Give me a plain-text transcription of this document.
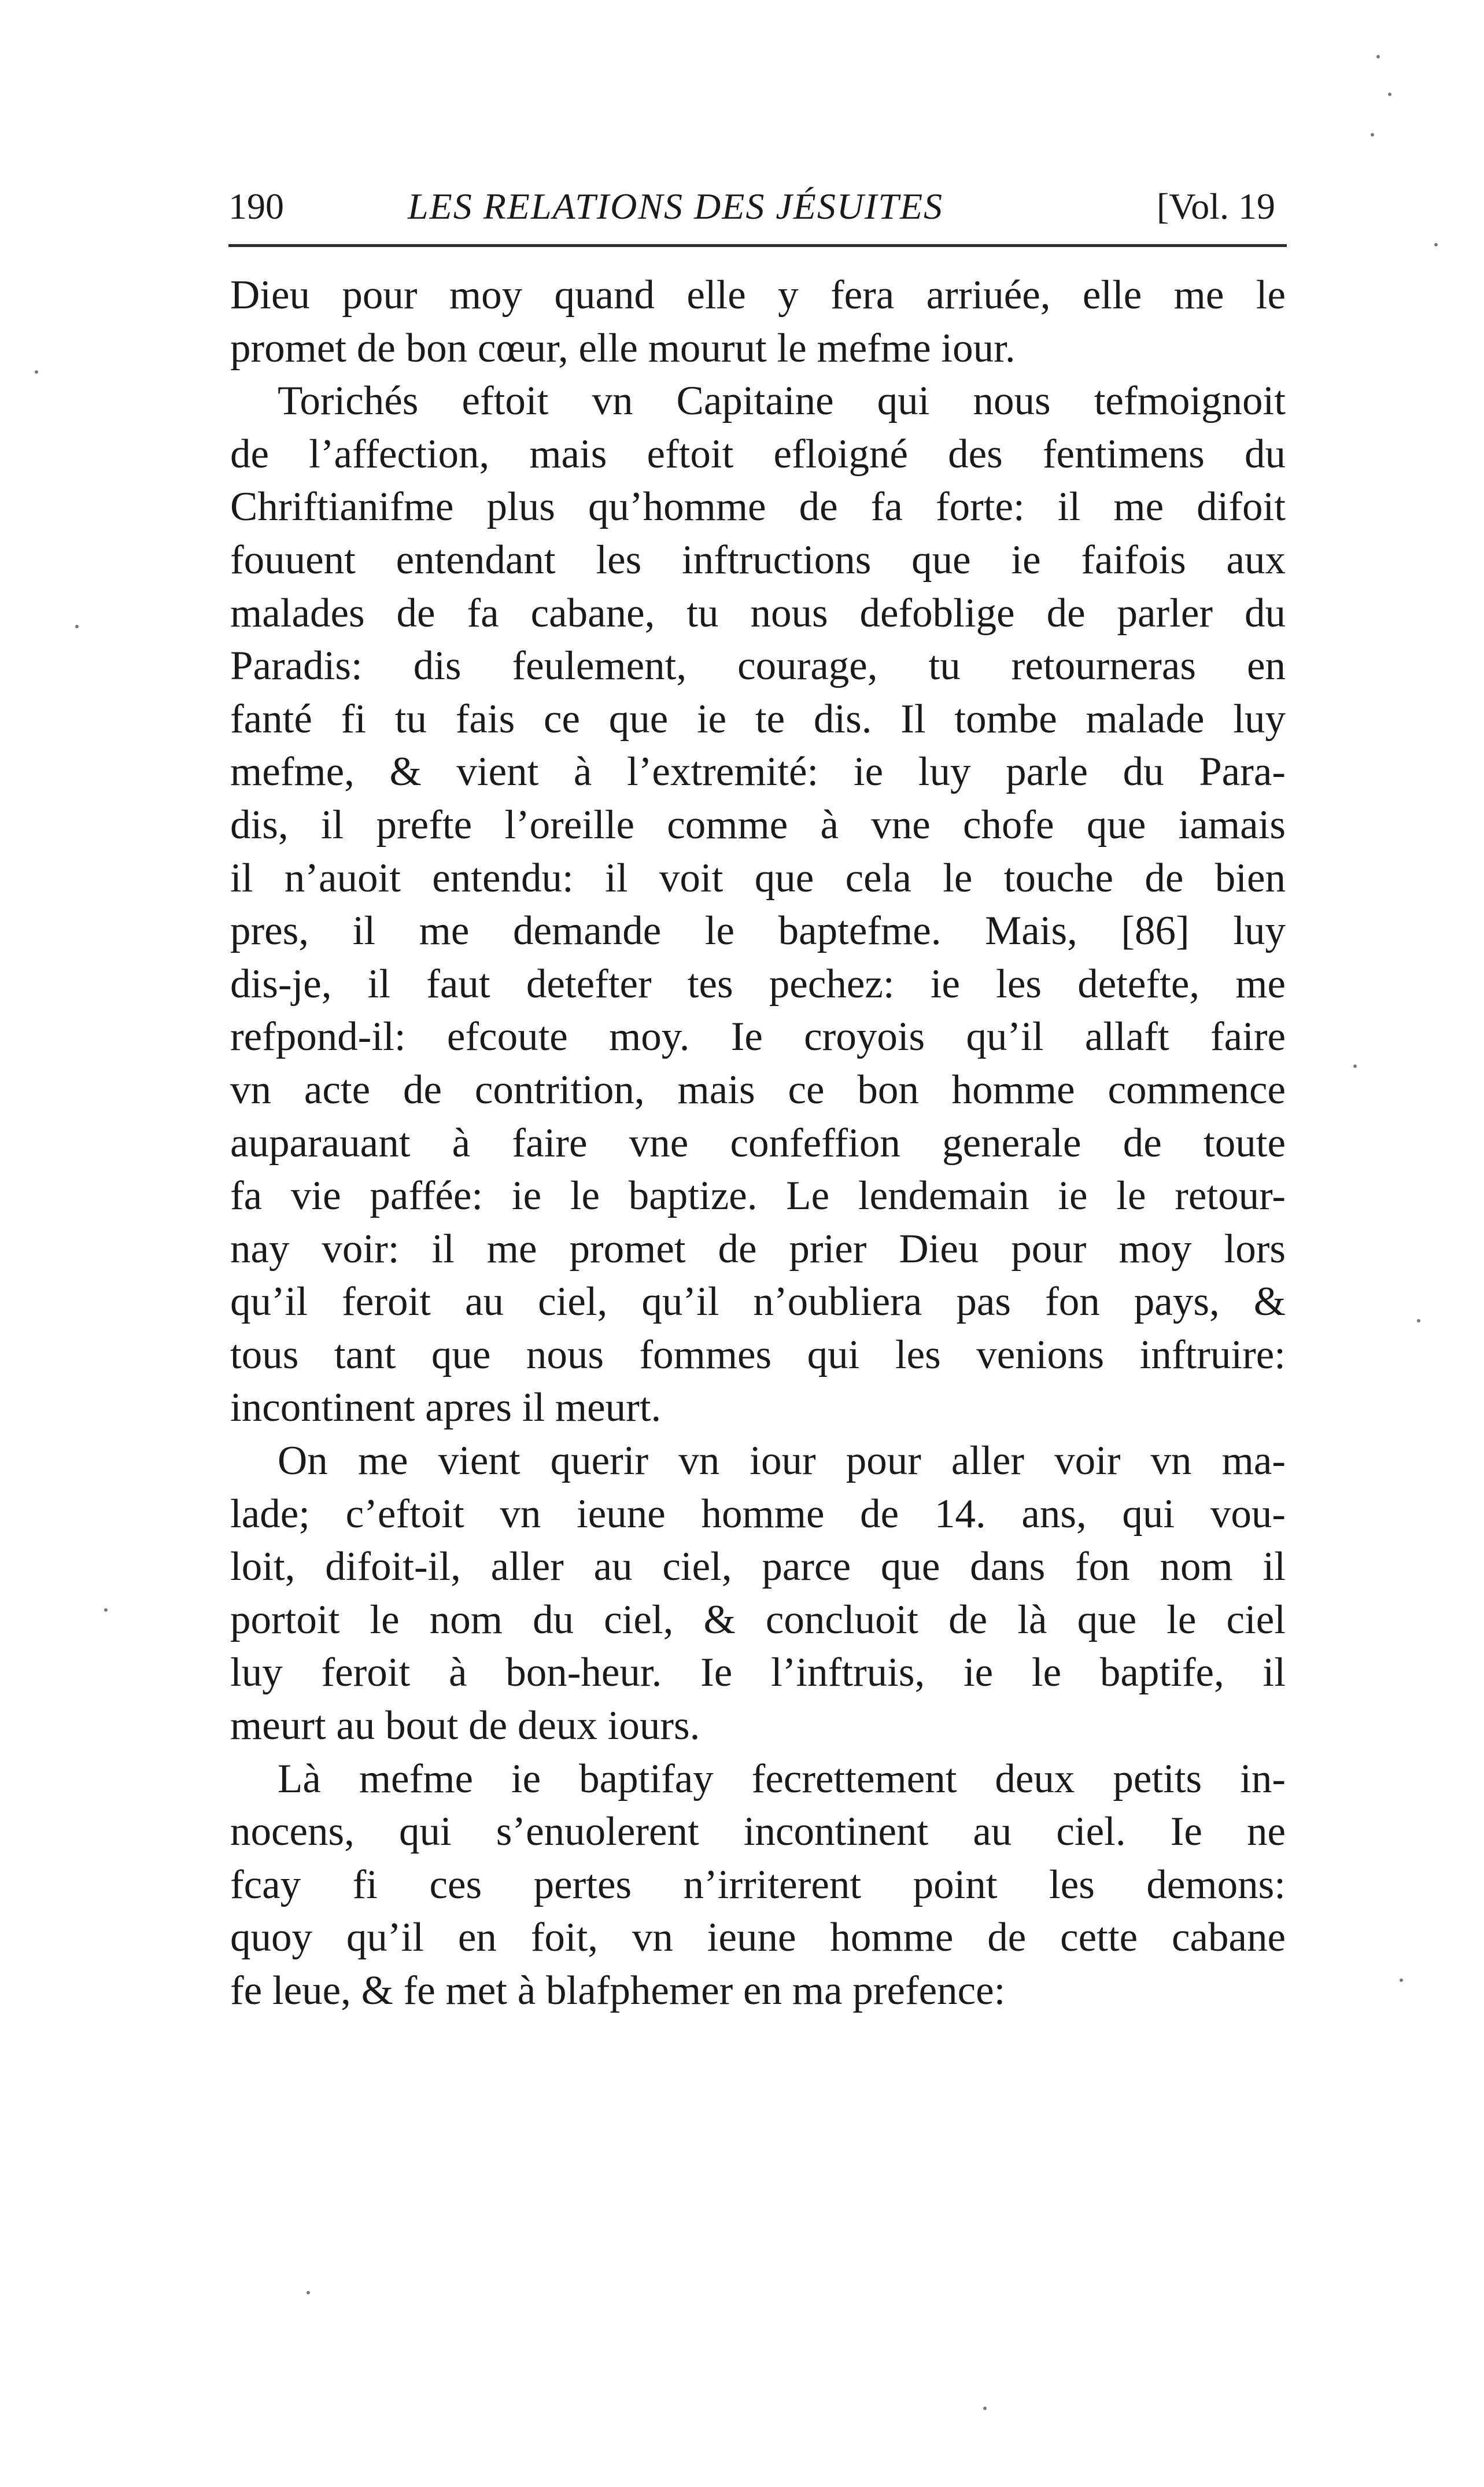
190	LES RELATIONS DES JÉSUITES	[Vol. 19
Dieu pour moy quand elle y fera arriuée, elle me le
promet de bon cœur, elle mourut le mefme iour.
Torichés eftoit vn Capitaine qui nous tefmoignoit
de l’affection, mais eftoit efloigné des fentimens du
Chriftianifme plus qu’homme de fa forte: il me difoit
fouuent entendant les inftructions que ie faifois aux
malades de fa cabane, tu nous defoblige de parler du
Paradis: dis feulement, courage, tu retourneras en
fanté fi tu fais ce que ie te dis. Il tombe malade luy
mefme, & vient à l’extremité: ie luy parle du Para-
dis, il prefte l’oreille comme à vne chofe que iamais
il n’auoit entendu: il voit que cela le touche de bien
pres, il me demande le baptefme. Mais, [86] luy
dis-je, il faut detefter tes pechez: ie les detefte, me
refpond-il: efcoute moy. Ie croyois qu’il allaft faire
vn acte de contrition, mais ce bon homme commence
auparauant à faire vne confeffion generale de toute
fa vie paffée: ie le baptize. Le lendemain ie le retour-
nay voir: il me promet de prier Dieu pour moy lors
qu’il feroit au ciel, qu’il n’oubliera pas fon pays, &
tous tant que nous fommes qui les venions inftruire:
incontinent apres il meurt.
On me vient querir vn iour pour aller voir vn ma-
lade; c’eftoit vn ieune homme de 14. ans, qui vou-
loit, difoit-il, aller au ciel, parce que dans fon nom il
portoit le nom du ciel, & concluoit de là que le ciel
luy feroit à bon-heur. Ie l’inftruis, ie le baptife, il
meurt au bout de deux iours.
Là mefme ie baptifay fecrettement deux petits in-
nocens, qui s’enuolerent incontinent au ciel. Ie ne
fcay fi ces pertes n’irriterent point les demons:
quoy qu’il en foit, vn ieune homme de cette cabane
fe leue, & fe met à blafphemer en ma prefence:
